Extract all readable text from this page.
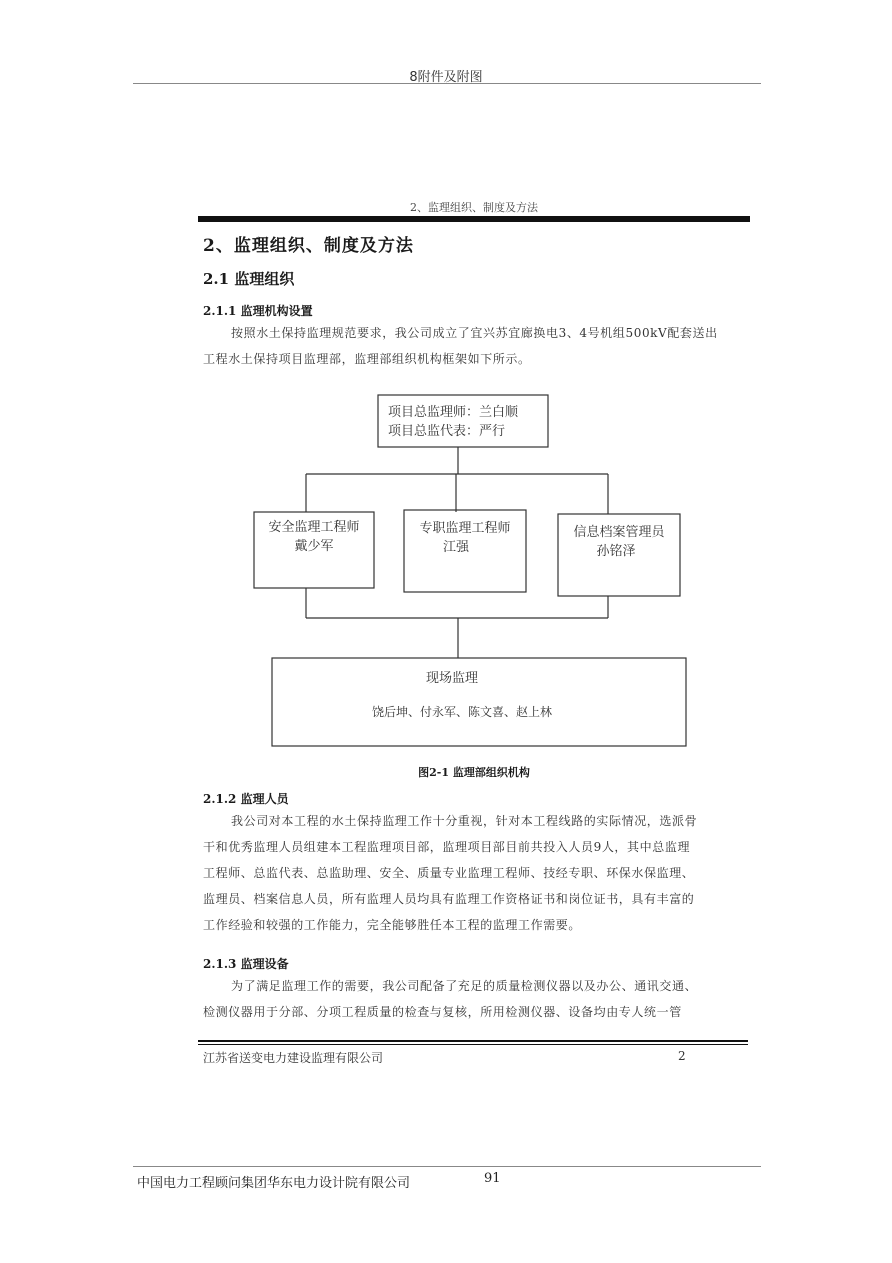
8附件及附图
2、监理组织、制度及方法
2、监理组织、制度及方法
2.1 监理组织
2.1.1 监理机构设置
按照水土保持监理规范要求，我公司成立了宜兴苏宜廊换电3、4号机组500kV配套送出
工程水土保持项目监理部，监理部组织机构框架如下所示。
项目总监理师：兰白顺
项目总监代表：严行
安全监理工程师
戴少军
专职监理工程师
江强
信息档案管理员
孙铭泽
现场监理
饶后坤、付永军、陈文喜、赵上林
图2-1 监理部组织机构
2.1.2 监理人员
我公司对本工程的水土保持监理工作十分重视，针对本工程线路的实际情况，选派骨
干和优秀监理人员组建本工程监理项目部，监理项目部目前共投入人员9人，其中总监理
工程师、总监代表、总监助理、安全、质量专业监理工程师、技经专职、环保水保监理、
监理员、档案信息人员，所有监理人员均具有监理工作资格证书和岗位证书，具有丰富的
工作经验和较强的工作能力，完全能够胜任本工程的监理工作需要。
2.1.3 监理设备
为了满足监理工作的需要，我公司配备了充足的质量检测仪器以及办公、通讯交通、
检测仪器用于分部、分项工程质量的检查与复核，所用检测仪器、设备均由专人统一管
江苏省送变电力建设监理有限公司	2
中国电力工程顾问集团华东电力设计院有限公司	91
